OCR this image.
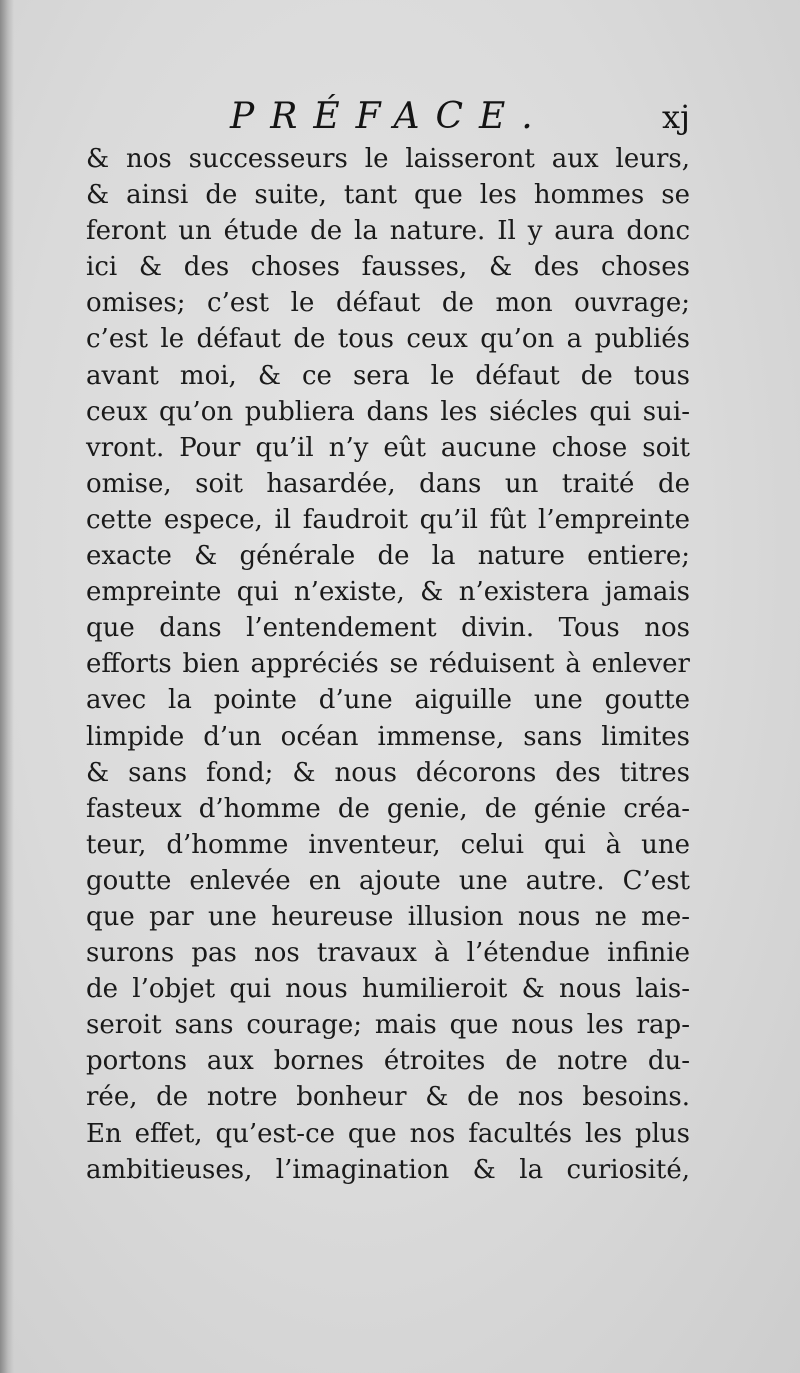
PRÉFACE.	xj
& nos successeurs le laisseront aux leurs,
& ainsi de suite, tant que les hommes se
feront un étude de la nature. Il y aura donc
ici & des choses fausses, & des choses
omises; c’est le défaut de mon ouvrage;
c’est le défaut de tous ceux qu’on a publiés
avant moi, & ce sera le défaut de tous
ceux qu’on publiera dans les siécles qui sui-
vront. Pour qu’il n’y eût aucune chose soit
omise, soit hasardée, dans un traité de
cette espece, il faudroit qu’il fût l’empreinte
exacte & générale de la nature entiere;
empreinte qui n’existe, & n’existera jamais
que dans l’entendement divin. Tous nos
efforts bien appréciés se réduisent à enlever
avec la pointe d’une aiguille une goutte
limpide d’un océan immense, sans limites
& sans fond; & nous décorons des titres
fasteux d’homme de genie, de génie créa-
teur, d’homme inventeur, celui qui à une
goutte enlevée en ajoute une autre. C’est
que par une heureuse illusion nous ne me-
surons pas nos travaux à l’étendue infinie
de l’objet qui nous humilieroit & nous lais-
seroit sans courage; mais que nous les rap-
portons aux bornes étroites de notre du-
rée, de notre bonheur & de nos besoins.
En effet, qu’est-ce que nos facultés les plus
ambitieuses, l’imagination & la curiosité,
